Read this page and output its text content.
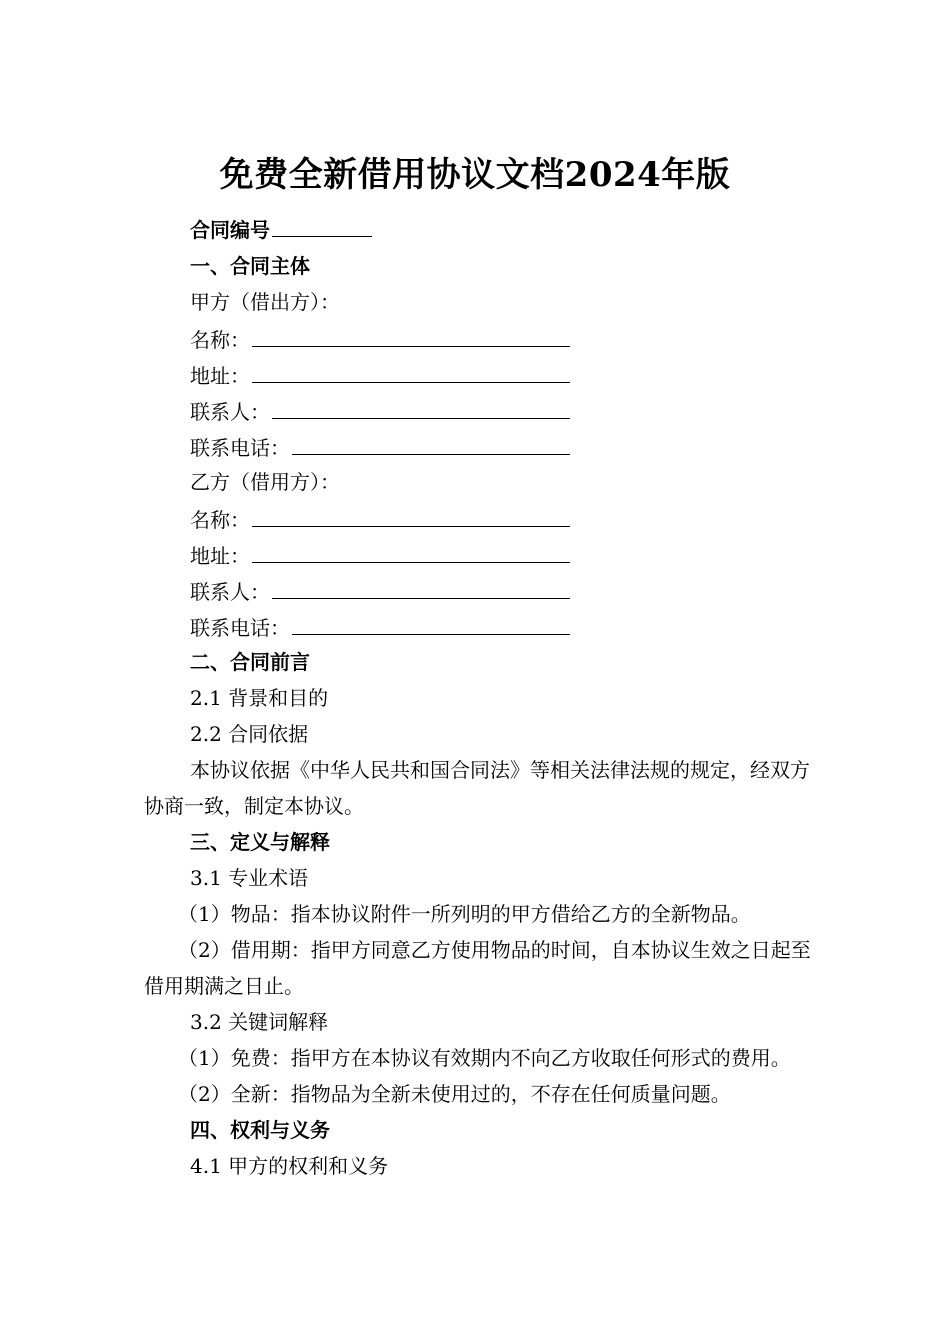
免费全新借用协议文档2024年版

合同编号

一、合同主体

甲方（借出方）：

名称：

地址：

联系人：

联系电话：

乙方（借用方）：

名称：

地址：

联系人：

联系电话：

二、合同前言

2.1 背景和目的

2.2 合同依据

本协议依据《中华人民共和国合同法》等相关法律法规的规定，经双方协商一致，制定本协议。

三、定义与解释

3.1 专业术语

（1）物品：指本协议附件一所列明的甲方借给乙方的全新物品。

（2）借用期：指甲方同意乙方使用物品的时间，自本协议生效之日起至借用期满之日止。

3.2 关键词解释

（1）免费：指甲方在本协议有效期内不向乙方收取任何形式的费用。

（2）全新：指物品为全新未使用过的，不存在任何质量问题。

四、权利与义务

4.1 甲方的权利和义务
